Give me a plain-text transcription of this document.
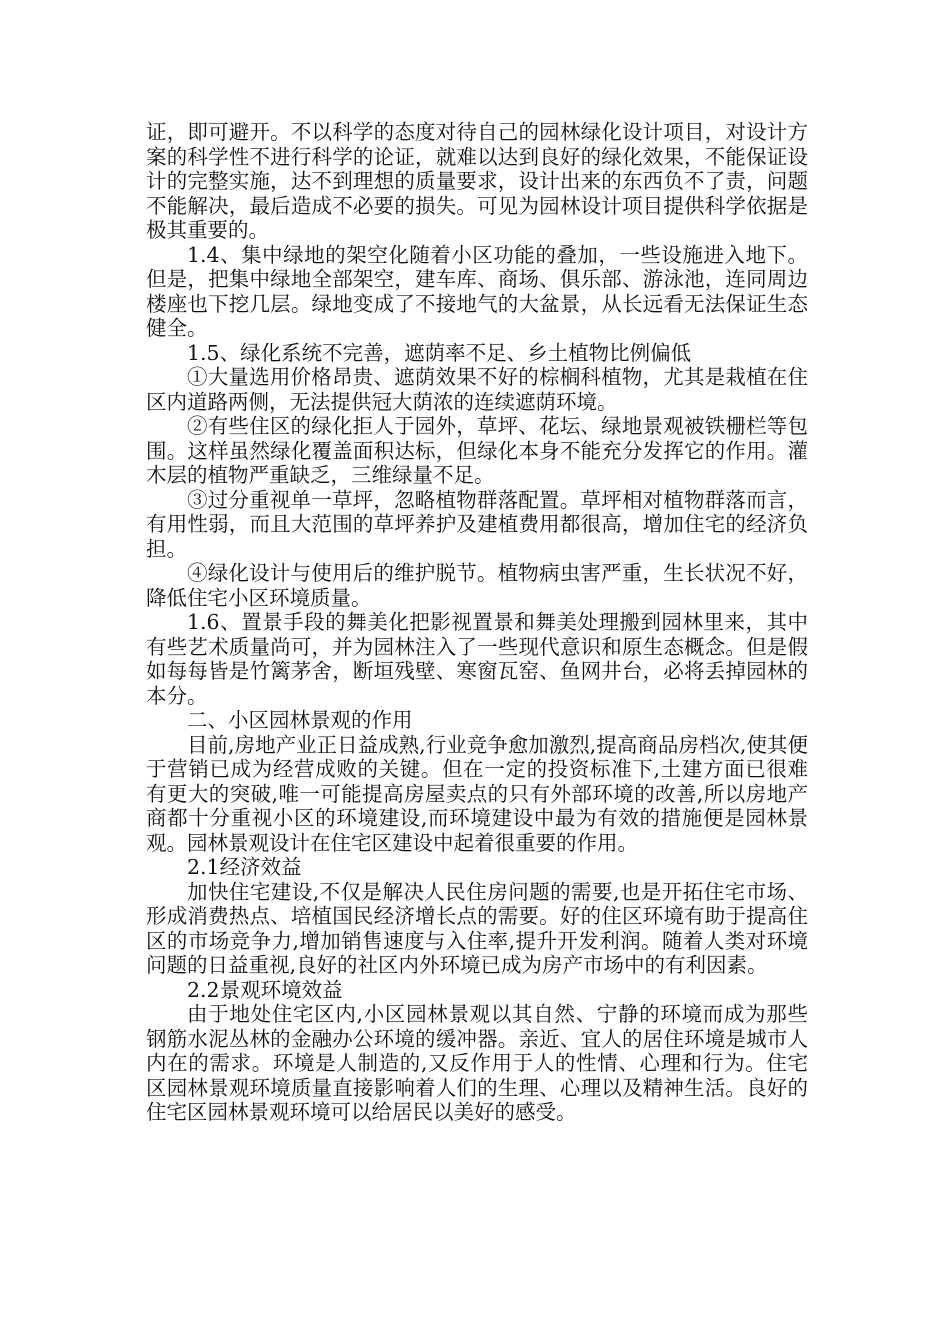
证，即可避开。不以科学的态度对待自己的园林绿化设计项目，对设计方案的科学性不进行科学的论证，就难以达到良好的绿化效果，不能保证设计的完整实施，达不到理想的质量要求，设计出来的东西负不了责，问题不能解决，最后造成不必要的损失。可见为园林设计项目提供科学依据是极其重要的。

1.4、集中绿地的架空化随着小区功能的叠加，一些设施进入地下。但是，把集中绿地全部架空，建车库、商场、俱乐部、游泳池，连同周边楼座也下挖几层。绿地变成了不接地气的大盆景，从长远看无法保证生态健全。

1.5、绿化系统不完善，遮荫率不足、乡土植物比例偏低

①大量选用价格昂贵、遮荫效果不好的棕榈科植物，尤其是栽植在住区内道路两侧，无法提供冠大荫浓的连续遮荫环境。

②有些住区的绿化拒人于园外，草坪、花坛、绿地景观被铁栅栏等包围。这样虽然绿化覆盖面积达标，但绿化本身不能充分发挥它的作用。灌木层的植物严重缺乏，三维绿量不足。

③过分重视单一草坪，忽略植物群落配置。草坪相对植物群落而言，有用性弱，而且大范围的草坪养护及建植费用都很高，增加住宅的经济负担。

④绿化设计与使用后的维护脱节。植物病虫害严重，生长状况不好，降低住宅小区环境质量。

1.6、置景手段的舞美化把影视置景和舞美处理搬到园林里来，其中有些艺术质量尚可，并为园林注入了一些现代意识和原生态概念。但是假如每每皆是竹篱茅舍，断垣残壁、寒窗瓦窑、鱼网井台，必将丢掉园林的本分。

二、小区园林景观的作用

目前,房地产业正日益成熟,行业竞争愈加激烈,提高商品房档次,使其便于营销已成为经营成败的关键。但在一定的投资标准下,土建方面已很难有更大的突破,唯一可能提高房屋卖点的只有外部环境的改善,所以房地产商都十分重视小区的环境建设,而环境建设中最为有效的措施便是园林景观。园林景观设计在住宅区建设中起着很重要的作用。

2.1经济效益

加快住宅建设,不仅是解决人民住房问题的需要,也是开拓住宅市场、形成消费热点、培植国民经济增长点的需要。好的住区环境有助于提高住区的市场竞争力,增加销售速度与入住率,提升开发利润。随着人类对环境问题的日益重视,良好的社区内外环境已成为房产市场中的有利因素。

2.2景观环境效益

由于地处住宅区内,小区园林景观以其自然、宁静的环境而成为那些钢筋水泥丛林的金融办公环境的缓冲器。亲近、宜人的居住环境是城市人内在的需求。环境是人制造的,又反作用于人的性情、心理和行为。住宅区园林景观环境质量直接影响着人们的生理、心理以及精神生活。良好的住宅区园林景观环境可以给居民以美好的感受。
